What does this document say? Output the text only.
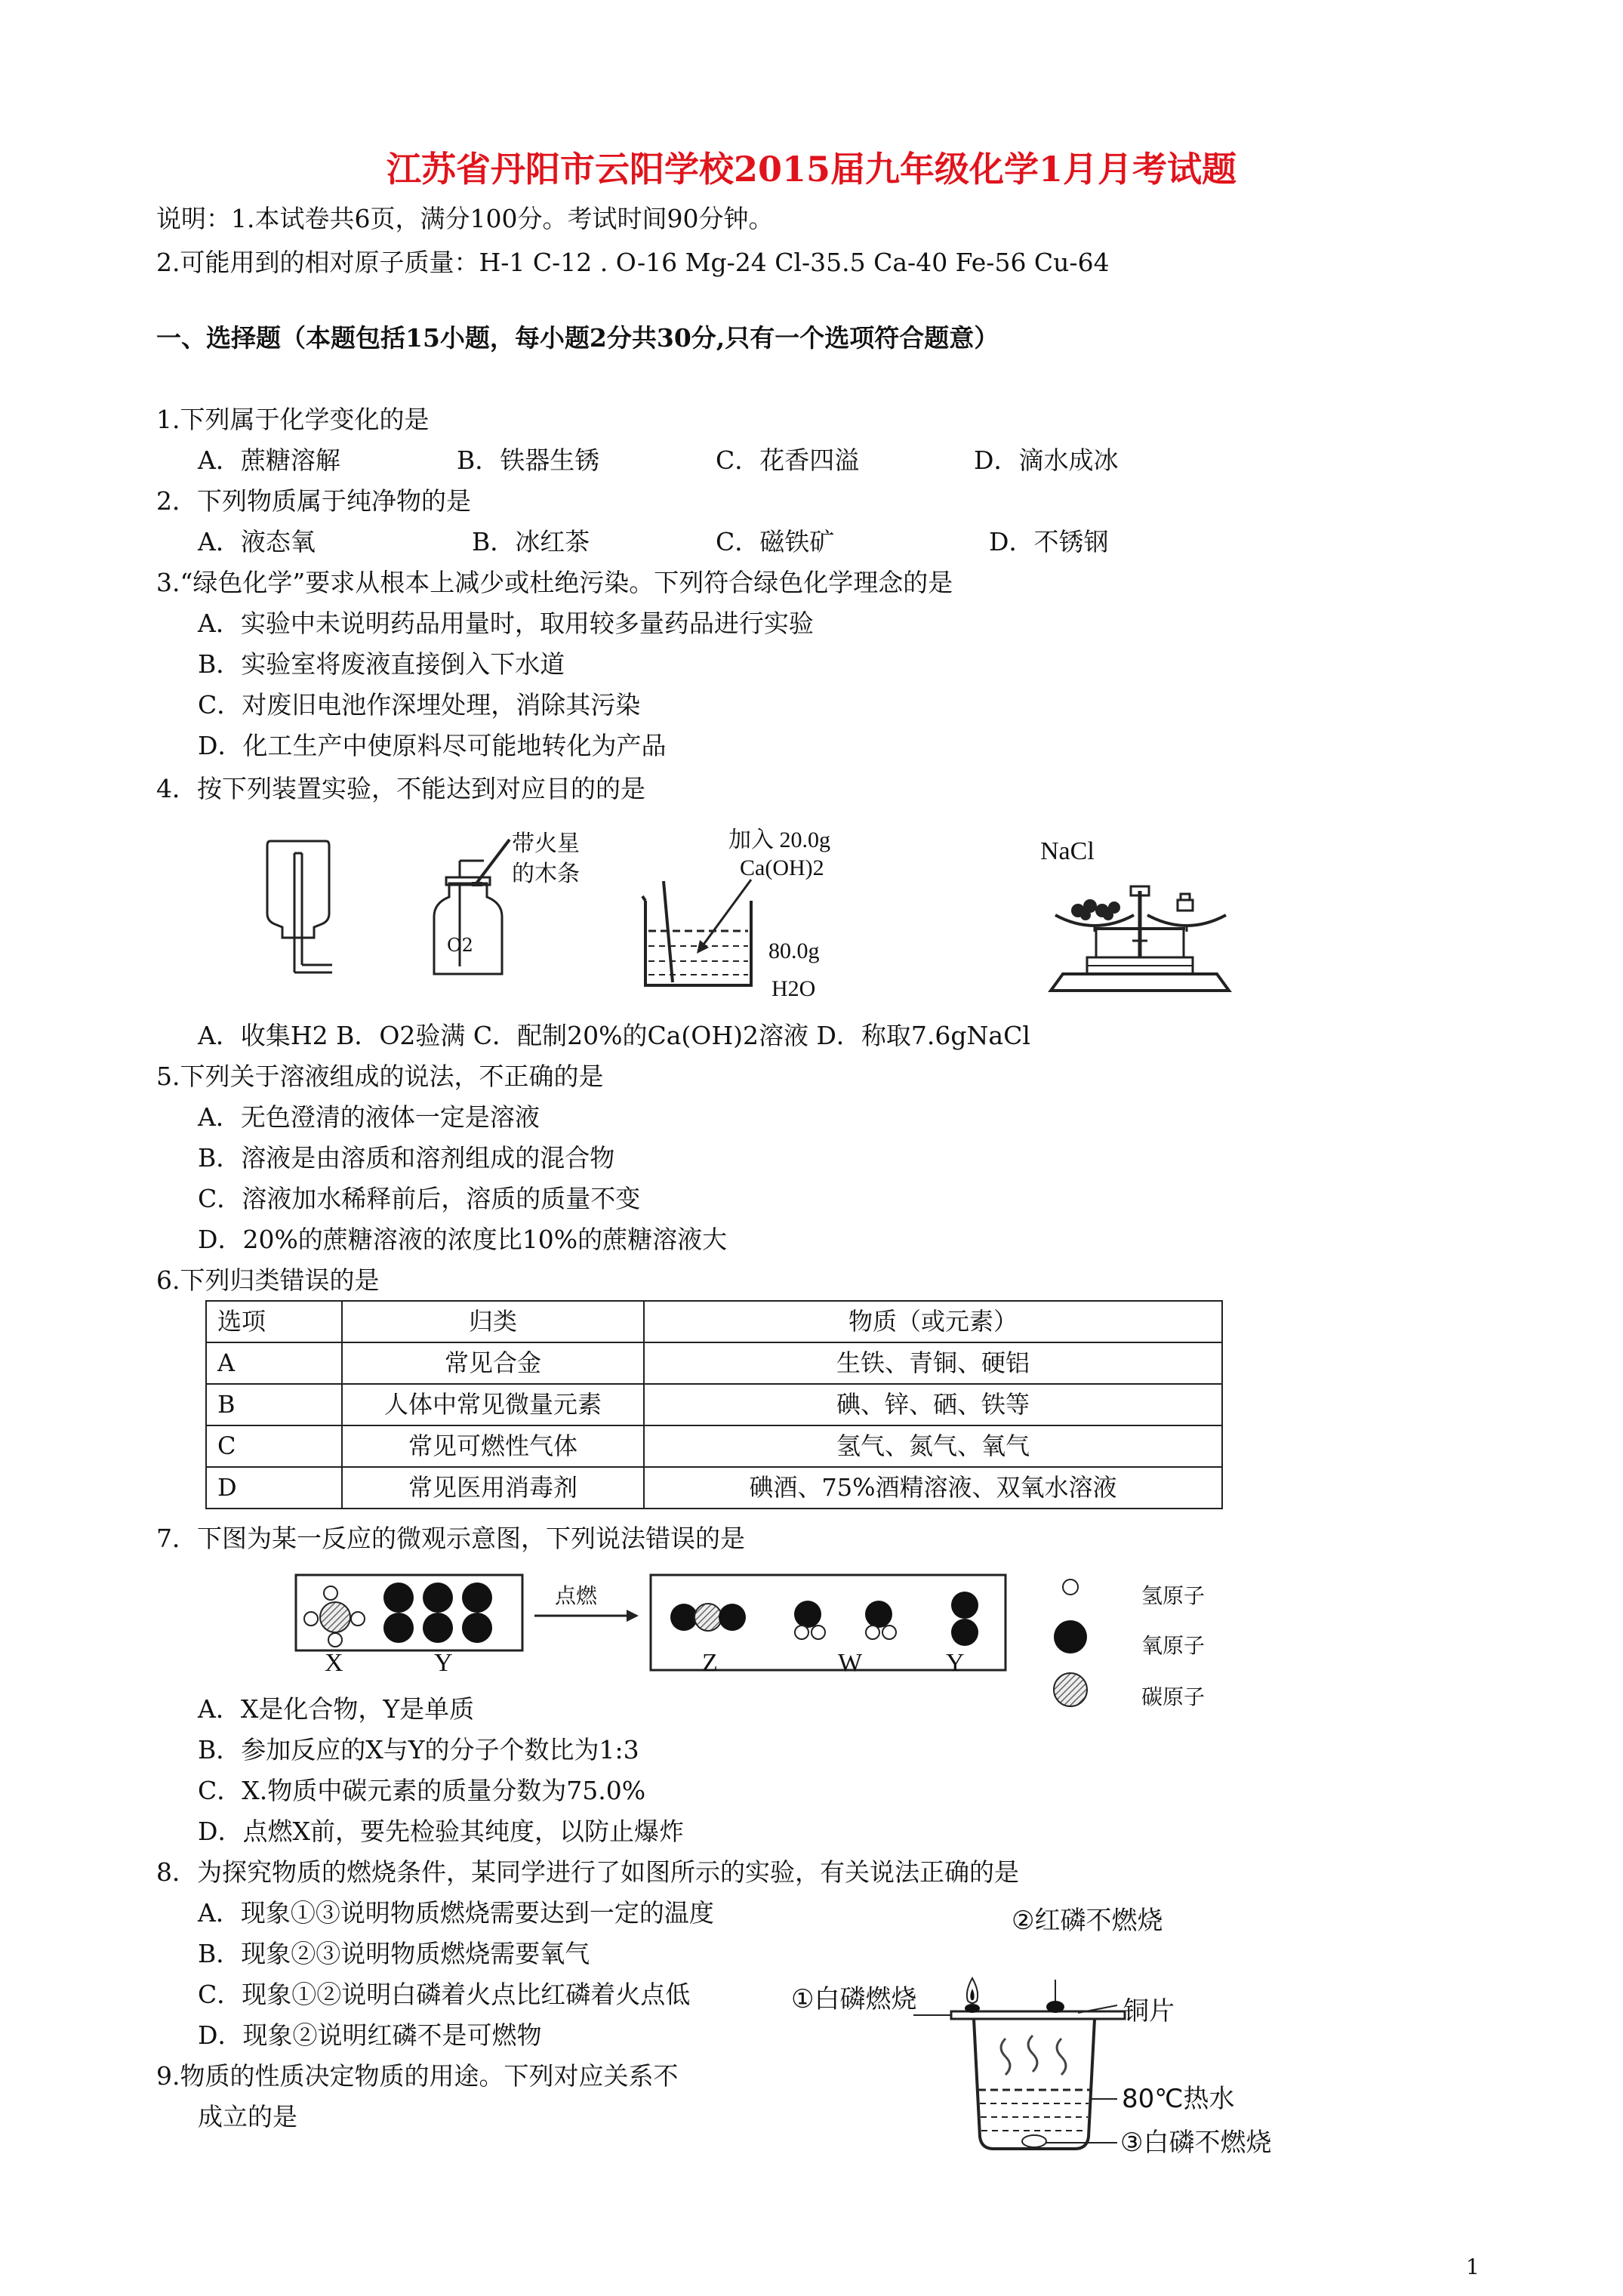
江苏省丹阳市云阳学校2015届九年级化学1月月考试题
说明：1.本试卷共6页，满分100分。考试时间90分钟。
2.可能用到的相对原子质量：H-1 C-12 . O-16 Mg-24 Cl-35.5 Ca-40 Fe-56 Cu-64
一、选择题（本题包括15小题，每小题2分共30分,只有一个选项符合题意）
1.下列属于化学变化的是
A．蔗糖溶解	B．铁器生锈	C．花香四溢	D．滴水成冰
2．下列物质属于纯净物的是
A．液态氧	B．冰红茶	C．磁铁矿	D．不锈钢
3.“绿色化学”要求从根本上减少或杜绝污染。下列符合绿色化学理念的是
A．实验中未说明药品用量时，取用较多量药品进行实验
B．实验室将废液直接倒入下水道
C．对废旧电池作深埋处理，消除其污染
D．化工生产中使原料尽可能地转化为产品
4．按下列装置实验，不能达到对应目的的是
O2
带火星
的木条
加入 20.0g
Ca(OH)2
80.0g
H2O
NaCl
A．收集H2 B．O2验满 C．配制20%的Ca(OH)2溶液 D．称取7.6gNaCl
5.下列关于溶液组成的说法，不正确的是
A．无色澄清的液体一定是溶液
B．溶液是由溶质和溶剂组成的混合物
C．溶液加水稀释前后，溶质的质量不变
D．20%的蔗糖溶液的浓度比10%的蔗糖溶液大
6.下列归类错误的是
选项	归类	物质（或元素）
A	常见合金	生铁、青铜、硬铝
B	人体中常见微量元素	碘、锌、硒、铁等
C	常见可燃性气体	氢气、氮气、氧气
D	常见医用消毒剂	碘酒、75%酒精溶液、双氧水溶液
7．下图为某一反应的微观示意图，下列说法错误的是
点燃
X	Y	Z	W	Y
氢原子
氧原子
碳原子
A．X是化合物，Y是单质
B．参加反应的X与Y的分子个数比为1:3
C．X.物质中碳元素的质量分数为75.0%
D．点燃X前，要先检验其纯度，以防止爆炸
8．为探究物质的燃烧条件，某同学进行了如图所示的实验，有关说法正确的是
A．现象①③说明物质燃烧需要达到一定的温度
B．现象②③说明物质燃烧需要氧气
C．现象①②说明白磷着火点比红磷着火点低
D．现象②说明红磷不是可燃物
②红磷不燃烧
①白磷燃烧	铜片
80℃热水
③白磷不燃烧
9.物质的性质决定物质的用途。下列对应关系不
成立的是
1
